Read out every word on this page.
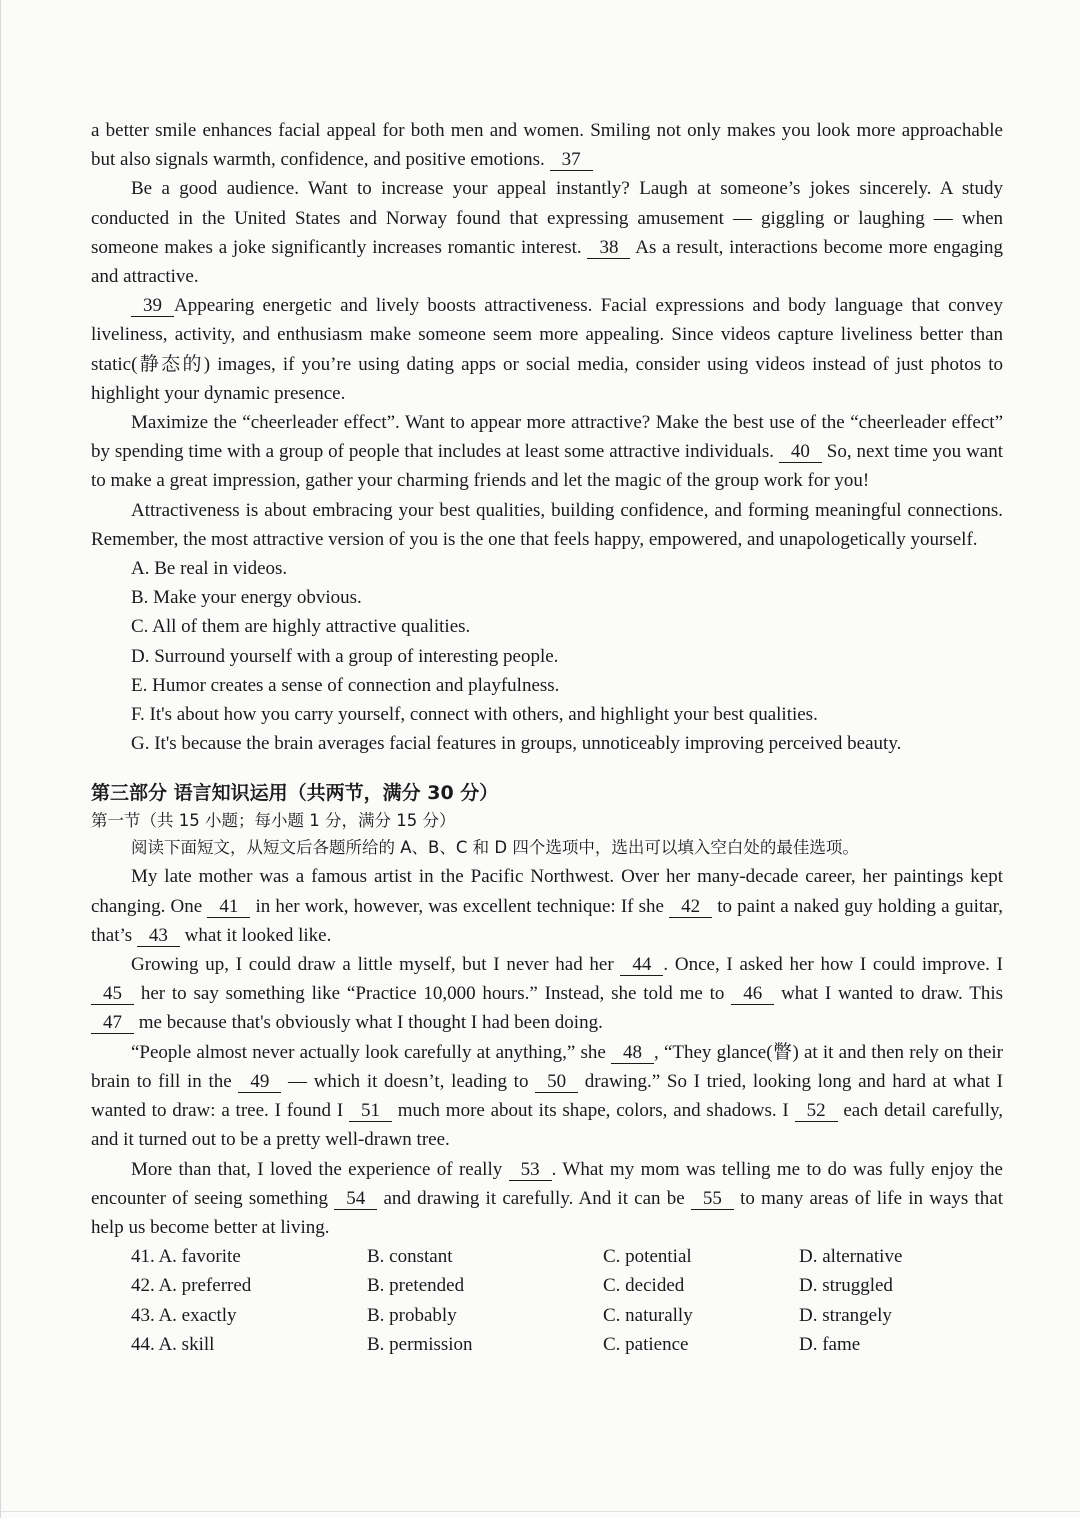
a better smile enhances facial appeal for both men and women. Smiling not only makes you look more approachable but also signals warmth, confidence, and positive emotions. 37

Be a good audience. Want to increase your appeal instantly? Laugh at someone’s jokes sincerely. A study conducted in the United States and Norway found that expressing amusement — giggling or laughing — when someone makes a joke significantly increases romantic interest. 38 As a result, interactions become more engaging and attractive.

39 Appearing energetic and lively boosts attractiveness. Facial expressions and body language that convey liveliness, activity, and enthusiasm make someone seem more appealing. Since videos capture liveliness better than static(静态的) images, if you’re using dating apps or social media, consider using videos instead of just photos to highlight your dynamic presence.

Maximize the “cheerleader effect”. Want to appear more attractive? Make the best use of the “cheerleader effect” by spending time with a group of people that includes at least some attractive individuals. 40 So, next time you want to make a great impression, gather your charming friends and let the magic of the group work for you!

Attractiveness is about embracing your best qualities, building confidence, and forming meaningful connections. Remember, the most attractive version of you is the one that feels happy, empowered, and unapologetically yourself.

A. Be real in videos.

B. Make your energy obvious.

C. All of them are highly attractive qualities.

D. Surround yourself with a group of interesting people.

E. Humor creates a sense of connection and playfulness.

F. It's about how you carry yourself, connect with others, and highlight your best qualities.

G. It's because the brain averages facial features in groups, unnoticeably improving perceived beauty.

第三部分 语言知识运用（共两节，满分 30 分）

第一节（共 15 小题；每小题 1 分，满分 15 分）

阅读下面短文，从短文后各题所给的 A、B、C 和 D 四个选项中，选出可以填入空白处的最佳选项。

My late mother was a famous artist in the Pacific Northwest. Over her many-decade career, her paintings kept changing. One 41 in her work, however, was excellent technique: If she 42 to paint a naked guy holding a guitar, that’s 43 what it looked like.

Growing up, I could draw a little myself, but I never had her 44 . Once, I asked her how I could improve. I 45 her to say something like “Practice 10,000 hours.” Instead, she told me to 46 what I wanted to draw. This 47 me because that's obviously what I thought I had been doing.

“People almost never actually look carefully at anything,” she 48 , “They glance(瞥) at it and then rely on their brain to fill in the 49 — which it doesn’t, leading to 50 drawing.” So I tried, looking long and hard at what I wanted to draw: a tree. I found I 51 much more about its shape, colors, and shadows. I 52 each detail carefully, and it turned out to be a pretty well-drawn tree.

More than that, I loved the experience of really 53 . What my mom was telling me to do was fully enjoy the encounter of seeing something 54 and drawing it carefully. And it can be 55 to many areas of life in ways that help us become better at living.

41. A. favorite	B. constant	C. potential	D. alternative
42. A. preferred	B. pretended	C. decided	D. struggled
43. A. exactly	B. probably	C. naturally	D. strangely
44. A. skill	B. permission	C. patience	D. fame
